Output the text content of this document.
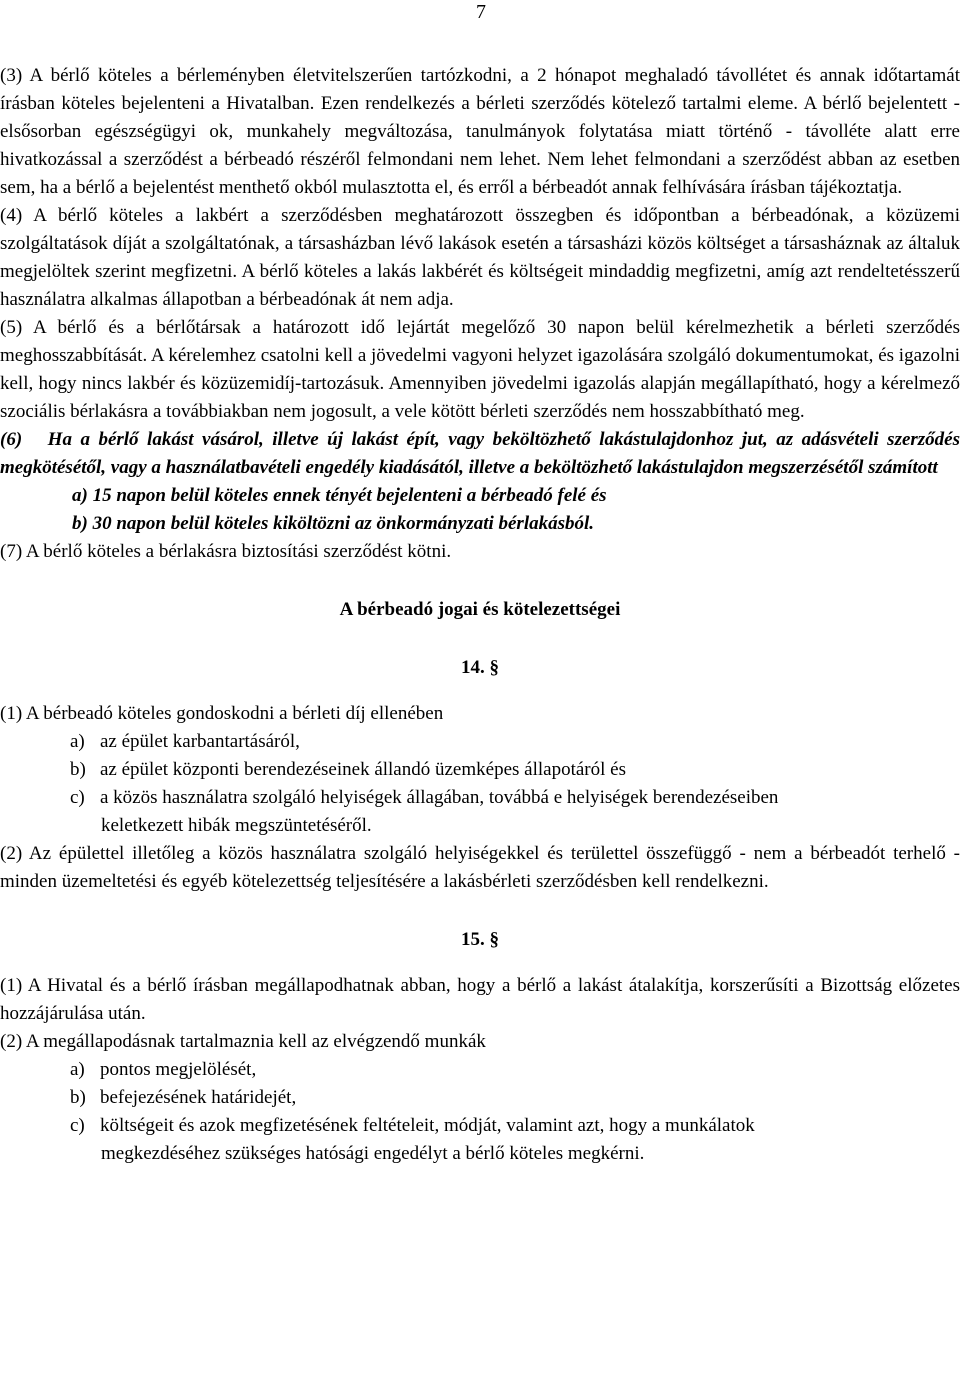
7

(3) A bérlő köteles a bérleményben életvitelszerűen tartózkodni, a 2 hónapot meghaladó távollétet és annak időtartamát írásban köteles bejelenteni a Hivatalban. Ezen rendelkezés a bérleti szerződés kötelező tartalmi eleme. A bérlő bejelentett - elsősorban egészségügyi ok, munkahely megváltozása, tanulmányok folytatása miatt történő - távolléte alatt erre hivatkozással a szerződést a bérbeadó részéről felmondani nem lehet. Nem lehet felmondani a szerződést abban az esetben sem, ha a bérlő a bejelentést menthető okból mulasztotta el, és erről a bérbeadót annak felhívására írásban tájékoztatja.

(4) A bérlő köteles a lakbért a szerződésben meghatározott összegben és időpontban a bérbeadónak, a közüzemi szolgáltatások díját a szolgáltatónak, a társasházban lévő lakások esetén a társasházi közös költséget a társasháznak az általuk megjelöltek szerint megfizetni. A bérlő köteles a lakás lakbérét és költségeit mindaddig megfizetni, amíg azt rendeltetésszerű használatra alkalmas állapotban a bérbeadónak át nem adja.

(5) A bérlő és a bérlőtársak a határozott idő lejártát megelőző 30 napon belül kérelmezhetik a bérleti szerződés meghosszabbítását. A kérelemhez csatolni kell a jövedelmi vagyoni helyzet igazolására szolgáló dokumentumokat, és igazolni kell, hogy nincs lakbér és közüzemidíj-tartozásuk. Amennyiben jövedelmi igazolás alapján megállapítható, hogy a kérelmező szociális bérlakásra a továbbiakban nem jogosult, a vele kötött bérleti szerződés nem hosszabbítható meg.

(6) Ha a bérlő lakást vásárol, illetve új lakást épít, vagy beköltözhető lakástulajdonhoz jut, az adásvételi szerződés megkötésétől, vagy a használatbavételi engedély kiadásától, illetve a beköltözhető lakástulajdon megszerzésétől számított

a) 15 napon belül köteles ennek tényét bejelenteni a bérbeadó felé és

b) 30 napon belül köteles kiköltözni az önkormányzati bérlakásból.

(7) A bérlő köteles a bérlakásra biztosítási szerződést kötni.

A bérbeadó jogai és kötelezettségei

14. §

(1) A bérbeadó köteles gondoskodni a bérleti díj ellenében

a) az épület karbantartásáról,

b) az épület központi berendezéseinek állandó üzemképes állapotáról és

c) a közös használatra szolgáló helyiségek állagában, továbbá e helyiségek berendezéseiben

keletkezett hibák megszüntetéséről.

(2) Az épülettel illetőleg a közös használatra szolgáló helyiségekkel és területtel összefüggő - nem a bérbeadót terhelő - minden üzemeltetési és egyéb kötelezettség teljesítésére a lakásbérleti szerződésben kell rendelkezni.

15. §

(1) A Hivatal és a bérlő írásban megállapodhatnak abban, hogy a bérlő a lakást átalakítja, korszerűsíti a Bizottság előzetes hozzájárulása után.

(2) A megállapodásnak tartalmaznia kell az elvégzendő munkák

a) pontos megjelölését,

b) befejezésének határidejét,

c) költségeit és azok megfizetésének feltételeit, módját, valamint azt, hogy a munkálatok

megkezdéséhez szükséges hatósági engedélyt a bérlő köteles megkérni.
